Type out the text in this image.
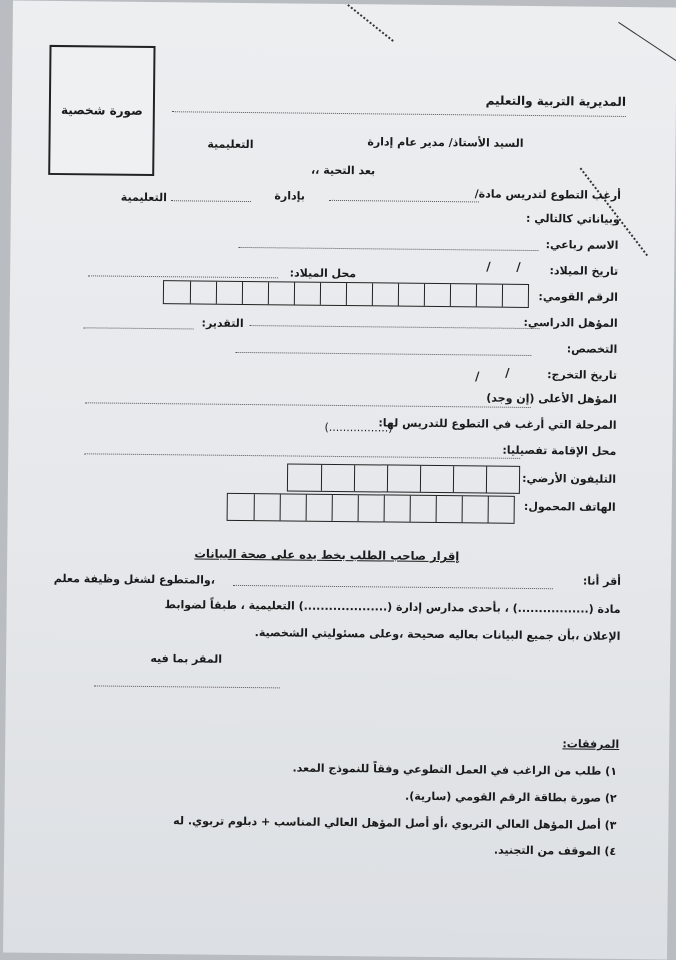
صورة شخصية
المديرية التربية والتعليم
السيد الأستاذ/ مدير عام إدارة
التعليمية
بعد التحية ،،
أرغب التطوع لتدريس مادة/
بإدارة
التعليمية
وبياناتي كالتالي :
الاسم رباعي:
تاريخ الميلاد:
/
/
محل الميلاد:
الرقم القومي:
المؤهل الدراسي:
التقدير:
التخصص:
تاريخ التخرج:
/
/
المؤهل الأعلى (إن وجد)
المرحلة التي أرغب في التطوع للتدريس لها:
(.................)
محل الإقامة تفصيليا:
التليفون الأرضي:
الهاتف المحمول:
إقرار صاحب الطلب بخط يده على صحة البيانات
أقر أنا:
،والمتطوع لشغل وظيفة معلم
مادة (.................) ، بأحدى مدارس إدارة (....................) التعليمية ، طبقاً لضوابط
الإعلان ،بأن جميع البيانات بعاليه صحيحة ،وعلى مسئوليتي الشخصية.
المقر بما فيه
المرفقات:
١) طلب من الراغب في العمل التطوعي وفقاً للنموذج المعد.
٢) صورة بطاقة الرقم القومي (سارية).
٣) أصل المؤهل العالي التربوي ،أو أصل المؤهل العالي المناسب + دبلوم تربوي. له
٤) الموقف من التجنيد.
